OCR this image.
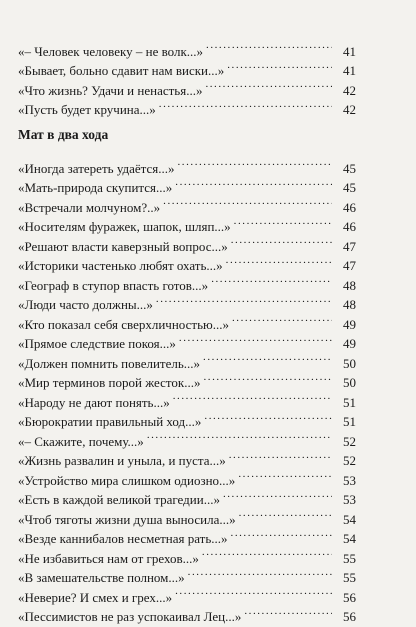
«– Человек человеку – не волк...» . . .	41
«Бывает, больно сдавит нам виски...» . . .	41
«Что жизнь? Удачи и ненастья...» . . .	42
«Пусть будет кручина...» . . .	42
Мат в два хода
«Иногда затереть удаётся...» . . .	45
«Мать-природа скупится...» . . .	45
«Встречали молчуном?..» . . .	46
«Носителям фуражек, шапок, шляп...» . . .	46
«Решают власти каверзный вопрос...» . . .	47
«Историки частенько любят охать...» . . .	47
«Географ в ступор впасть готов...» . . .	48
«Люди часто должны...» . . .	48
«Кто показал себя сверхличностью...» . . .	49
«Прямое следствие покоя...» . . .	49
«Должен помнить повелитель...» . . .	50
«Мир терминов порой жесток...» . . .	50
«Народу не дают понять...» . . .	51
«Бюрократии правильный ход...» . . .	51
«– Скажите, почему...» . . .	52
«Жизнь развалин и уныла, и пуста...» . . .	52
«Устройство мира слишком одиозно...» . . .	53
«Есть в каждой великой трагедии...» . . .	53
«Чтоб тяготы жизни душа выносила...» . . .	54
«Везде каннибалов несметная рать...» . . .	54
«Не избавиться нам от грехов...» . . .	55
«В замешательстве полном...» . . .	55
«Неверие? И смех и грех...» . . .	56
«Пессимистов не раз успокаивал Лец...» . . .	56
